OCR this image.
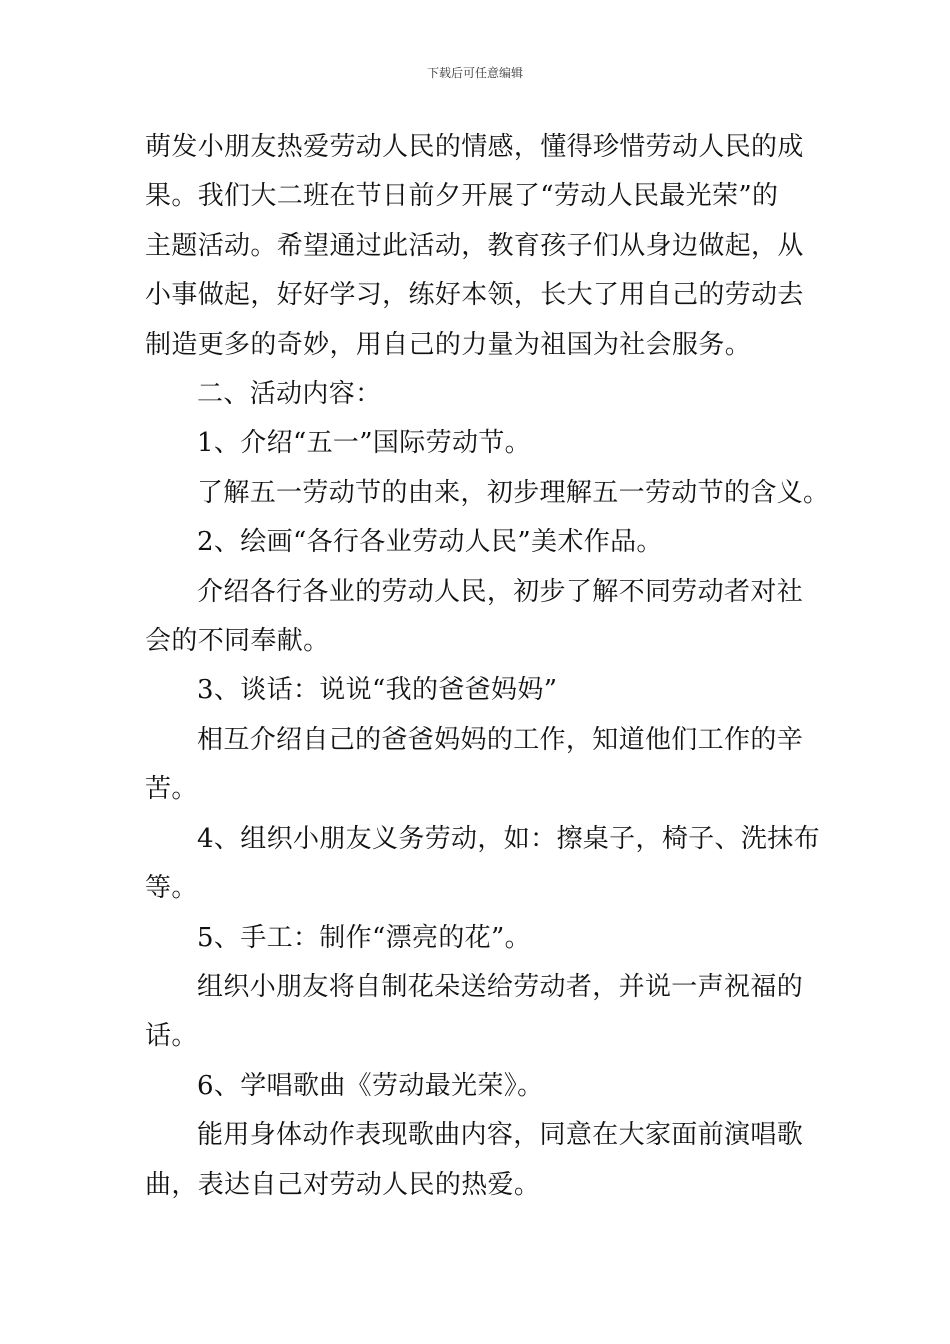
下载后可任意编辑

萌发小朋友热爱劳动人民的情感，懂得珍惜劳动人民的成

果。我们大二班在节日前夕开展了“劳动人民最光荣”的

主题活动。希望通过此活动，教育孩子们从身边做起，从

小事做起，好好学习，练好本领，长大了用自己的劳动去

制造更多的奇妙，用自己的力量为祖国为社会服务。

二、活动内容：

1、介绍“五一”国际劳动节。

了解五一劳动节的由来，初步理解五一劳动节的含义。

2、绘画“各行各业劳动人民”美术作品。

介绍各行各业的劳动人民，初步了解不同劳动者对社

会的不同奉献。

3、谈话：说说“我的爸爸妈妈”

相互介绍自己的爸爸妈妈的工作，知道他们工作的辛

苦。

4、组织小朋友义务劳动，如：擦桌子，椅子、洗抹布

等。

5、手工：制作“漂亮的花”。

组织小朋友将自制花朵送给劳动者，并说一声祝福的

话。

6、学唱歌曲《劳动最光荣》。

能用身体动作表现歌曲内容，同意在大家面前演唱歌

曲，表达自己对劳动人民的热爱。
